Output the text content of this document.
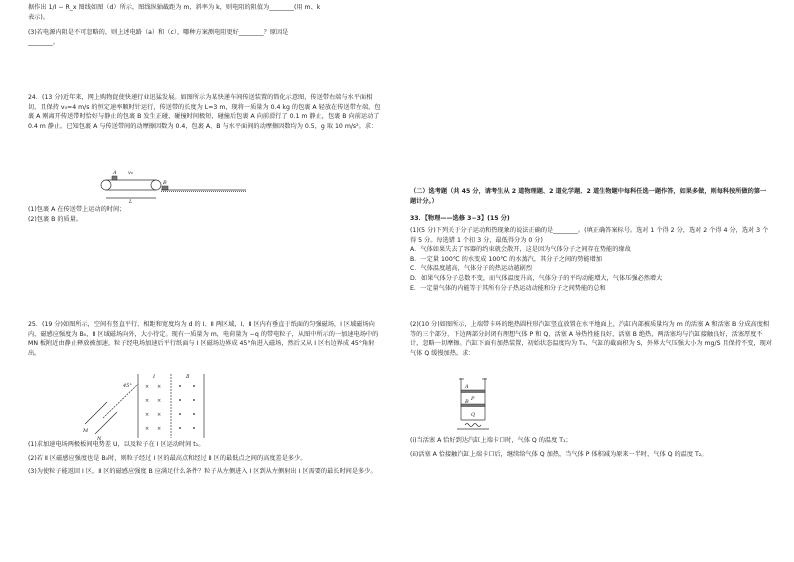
据作出 1/I − R_x 图线如图（d）所示，图线纵轴截距为 m，斜率为 k，则电阻的阻值为________(用 m、k

表示)。

(3)若电源内阻是不可忽略的，则上述电路（a）和（c），哪种方案测电阻更好________？原因是

________。

24．(13 分)近年来，网上购物促使快递行业迅猛发展。如图所示为某快递车间传送装置的简化示意图，传送带右端与水平面相切，且保持 v₀=4 m/s 的恒定速率顺时针运行，传送带的长度为 L=3 m，现将一质量为 0.4 kg 的包裹 A 轻放在传送带左端，包裹 A 刚离开传送带时恰好与静止的包裹 B 发生正碰，碰撞时间极短，碰撞后包裹 A 向前滑行了 0.1 m 静止，包裹 B 向前运动了 0.4 m 静止。已知包裹 A 与传送带间的动摩擦因数为 0.4，包裹 A、B 与水平面间的动摩擦因数均为 0.5，g 取 10 m/s²。求：

A
B
L
v₀

(1)包裹 A 在传送带上运动的时间；

(2)包裹 B 的质量。

25．(19 分)如图所示，空间有竖直平行、相距和宽度均为 d 的 Ⅰ、Ⅱ 两区域，Ⅰ、Ⅱ 区内有垂直于纸面的匀强磁场，Ⅰ 区域磁场向内，磁感应强度为 B₀，Ⅱ 区域磁场向外，大小待定。现有一质量为 m，电荷量为 −q 的带电粒子，从图中所示的一加速电场中的 MN 板附近由静止释放被加速，粒子经电场加速后平行纸面与 Ⅰ 区磁场边界成 45°角进入磁场，然后又从 Ⅰ 区右边界成 45°角射出。

× ×
× ×
× ×
× ×
M
N
Ⅰ	Ⅱ
45°

(1)求加速电场两极板间电势差 U，以及粒子在 Ⅰ 区运动时间 t₁。

(2)若 Ⅱ 区磁感应强度也是 B₀时，则粒子经过 Ⅰ 区的最高点和经过 Ⅱ 区的最低点之间的高度差是多少。

(3)为使粒子能返回 Ⅰ 区，Ⅱ 区的磁感应强度 B 应满足什么条件？粒子从左侧进入 Ⅰ 区到从左侧射出 Ⅰ 区需要的最长时间是多少。

（二）选考题（共 45 分，请考生从 2 道物理题、2 道化学题、2 道生物题中每科任选一题作答，如果多做，则每科按所做的第一题计分。）
33．【物理——选修 3−3】(15 分)

(1)(5 分)下列关于分子运动和热现象的说法正确的是________。(填正确答案标号。选对 1 个得 2 分，选对 2 个得 4 分，选对 3 个得 5 分。每选错 1 个扣 3 分，最低得分为 0 分)

A．气体如果失去了容器的约束就会散开，这是因为气体分子之间存在势能的缘故

B．一定量 100℃ 的水变成 100℃ 的水蒸汽，其分子之间的势能增加

C．气体温度越高，气体分子的热运动越剧烈

D．如果气体分子总数不变，而气体温度升高，气体分子的平均动能增大，气体压强必然增大

E．一定量气体的内能等于其所有分子热运动动能和分子之间势能的总和

(2)(10 分)如图所示，上端带卡环的绝热圆柱形汽缸竖直放置在水平地面上，汽缸内部被质量均为 m 的活塞 A 和活塞 B 分成高度相等的三个部分，下边两部分封闭有理想气体 P 和 Q，活塞 A 导热性能良好，活塞 B 绝热，两活塞均与汽缸接触良好，活塞厚度不计，忽略一切摩擦。汽缸下面有加热装置，初始状态温度均为 T₀，气缸的截面积为 S，外界大气压强大小为 mg/S 且保持不变，现对气体 Q 缓慢加热。求：

A
P
B
Q

(i)当活塞 A 恰好到达汽缸上端卡口时，气体 Q 的温度 T₁；

(ii)活塞 A 恰接触汽缸上端卡口后，继续给气体 Q 加热，当气体 P 体积减为原来一半时，气体 Q 的温度 T₂。
